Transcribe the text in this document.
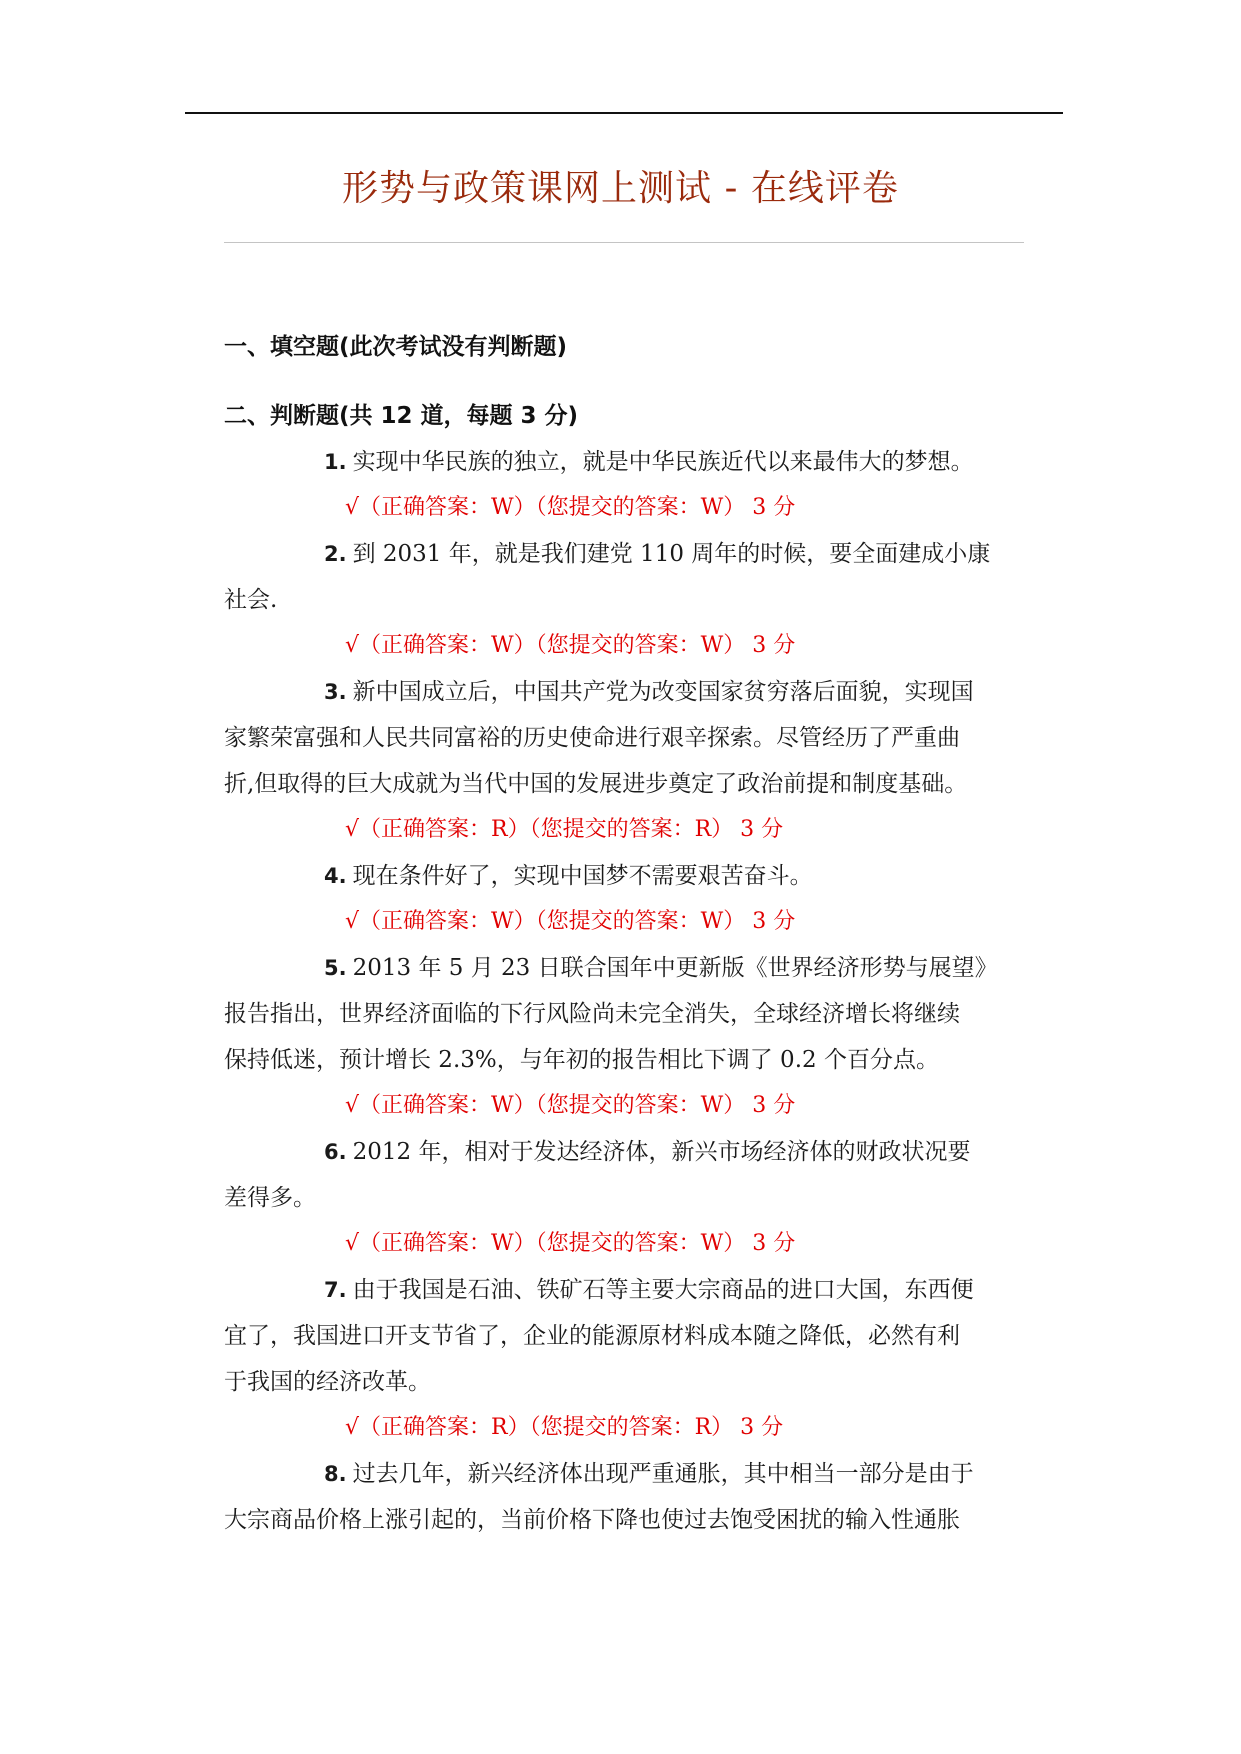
形势与政策课网上测试 - 在线评卷
一、填空题(此次考试没有判断题)
二、判断题(共 12 道，每题 3 分)
1. 实现中华民族的独立，就是中华民族近代以来最伟大的梦想。
√（正确答案：W）（您提交的答案：W） 3 分
2. 到 2031 年，就是我们建党 110 周年的时候，要全面建成小康
社会.
√（正确答案：W）（您提交的答案：W） 3 分
3. 新中国成立后，中国共产党为改变国家贫穷落后面貌，实现国
家繁荣富强和人民共同富裕的历史使命进行艰辛探索。尽管经历了严重曲
折,但取得的巨大成就为当代中国的发展进步奠定了政治前提和制度基础。
√（正确答案：R）（您提交的答案：R） 3 分
4. 现在条件好了，实现中国梦不需要艰苦奋斗。
√（正确答案：W）（您提交的答案：W） 3 分
5. 2013 年 5 月 23 日联合国年中更新版《世界经济形势与展望》
报告指出，世界经济面临的下行风险尚未完全消失，全球经济增长将继续
保持低迷，预计增长 2.3%，与年初的报告相比下调了 0.2 个百分点。
√（正确答案：W）（您提交的答案：W） 3 分
6. 2012 年，相对于发达经济体，新兴市场经济体的财政状况要
差得多。
√（正确答案：W）（您提交的答案：W） 3 分
7. 由于我国是石油、铁矿石等主要大宗商品的进口大国，东西便
宜了，我国进口开支节省了，企业的能源原材料成本随之降低，必然有利
于我国的经济改革。
√（正确答案：R）（您提交的答案：R） 3 分
8. 过去几年，新兴经济体出现严重通胀，其中相当一部分是由于
大宗商品价格上涨引起的，当前价格下降也使过去饱受困扰的输入性通胀
